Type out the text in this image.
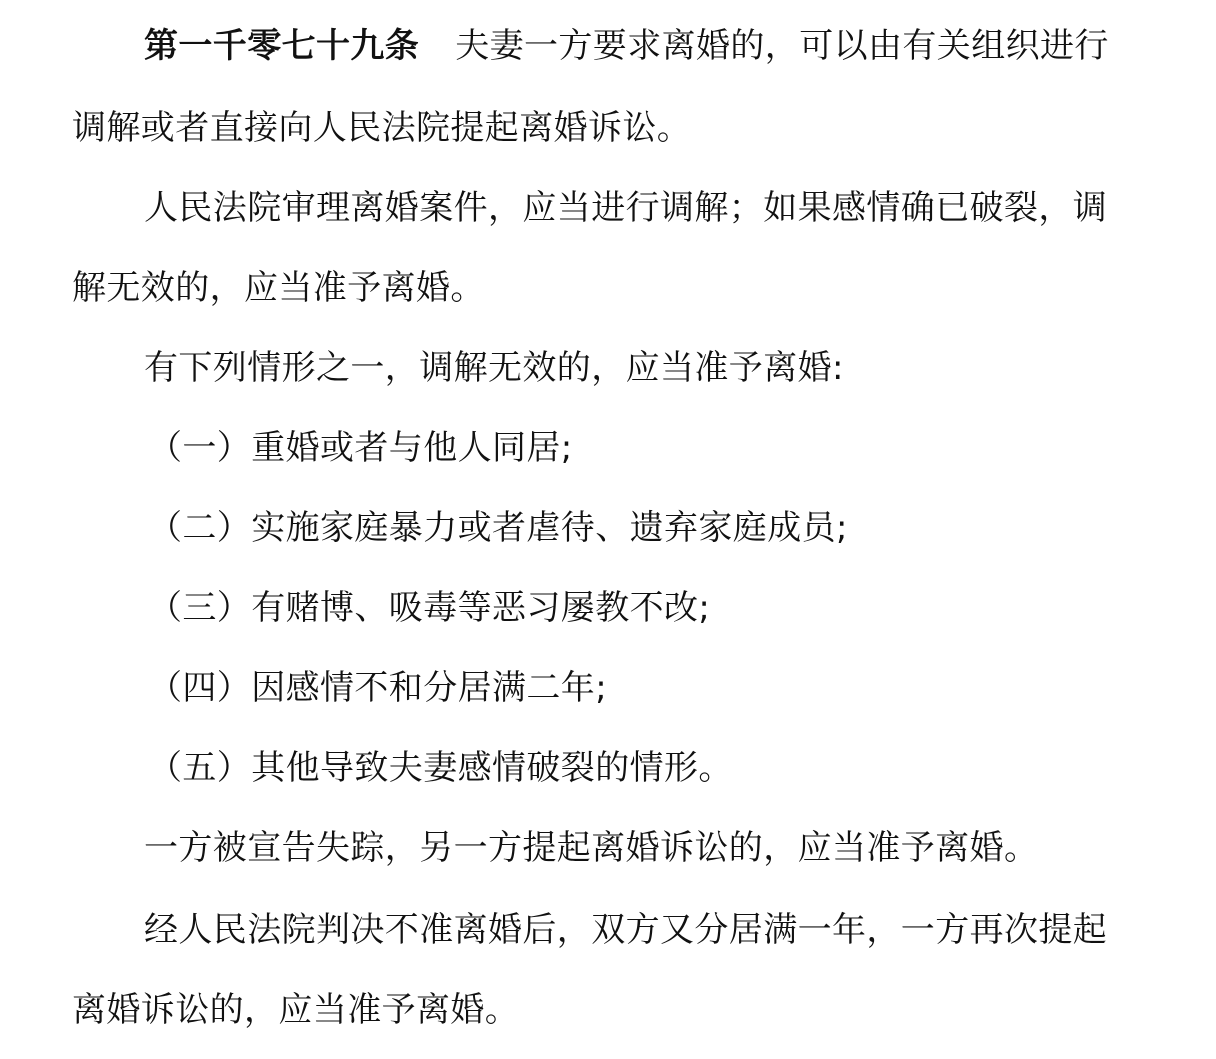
第一千零七十九条 夫妻一方要求离婚的，可以由有关组织进行
调解或者直接向人民法院提起离婚诉讼。
人民法院审理离婚案件，应当进行调解；如果感情确已破裂，调
解无效的，应当准予离婚。
有下列情形之一，调解无效的，应当准予离婚:
（一）重婚或者与他人同居;
（二）实施家庭暴力或者虐待、遗弃家庭成员;
（三）有赌博、吸毒等恶习屡教不改;
（四）因感情不和分居满二年;
（五）其他导致夫妻感情破裂的情形。
一方被宣告失踪，另一方提起离婚诉讼的，应当准予离婚。
经人民法院判决不准离婚后，双方又分居满一年，一方再次提起
离婚诉讼的，应当准予离婚。
